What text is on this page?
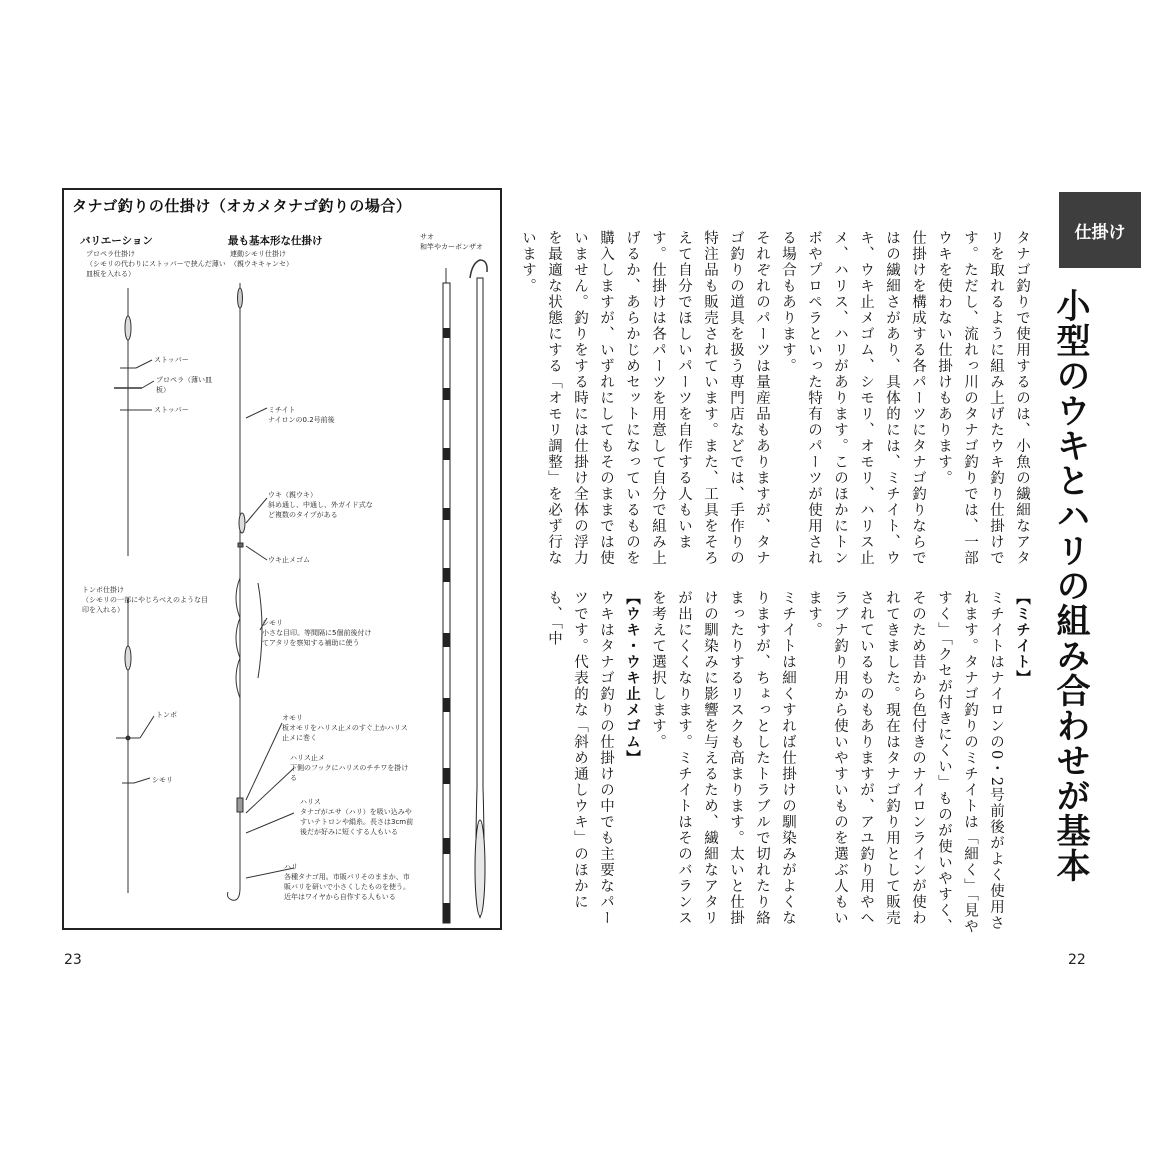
タナゴ釣りの仕掛け（オカメタナゴ釣りの場合）
バリエーション
プロペラ仕掛け
（シモリの代わりにストッパーで挟んだ薄い皿板を入れる）
ストッパー
プロペラ（薄い皿板）
ストッパー
トンボ仕掛け
（シモリの一部にやじろべえのような目印を入れる）
トンボ
シモリ
最も基本形な仕掛け
連動シモリ仕掛け
（親ウキキャンセ）
ミチイト
ナイロンの0.2号前後
ウキ（親ウキ）
斜め通し、中通し、外ガイド式など複数のタイプがある
ウキ止メゴム
シモリ
小さな目印。等間隔に5個前後付けてアタリを察知する補助に使う
オモリ
板オモリをハリス止メのすぐ上かハリス止メに巻く
ハリス止メ
下側のフックにハリスのチチワを掛ける
ハリス
タナゴがエサ（ハリ）を吸い込みやすいテトロンや絹糸。長さは3cm前後だが好みに短くする人もいる
ハリ
各種タナゴ用。市販バリそのままか、市販バリを研いで小さくしたものを使う。近年はワイヤから自作する人もいる
サオ
和竿やカーボンザオ
23
仕掛け
小型のウキとハリの組み合わせが基本

タナゴ釣りで使用するのは、小魚の繊細なアタリを取れるように組み上げたウキ釣り仕掛けです。ただし、流れっ川のタナゴ釣りでは、一部ウキを使わない仕掛けもあります。

仕掛けを構成する各パーツにタナゴ釣りならではの繊細さがあり、具体的には、ミチイト、ウキ、ウキ止メゴム、シモリ、オモリ、ハリス止メ、ハリス、ハリがあります。このほかにトンボやプロペラといった特有のパーツが使用される場合もあります。

それぞれのパーツは量産品もありますが、タナゴ釣りの道具を扱う専門店などでは、手作りの特注品も販売されています。また、工具をそろえて自分でほしいパーツを自作する人もいます。仕掛けは各パーツを用意して自分で組み上げるか、あらかじめセットになっているものを購入しますが、いずれにしてもそのままでは使いません。釣りをする時には仕掛け全体の浮力を最適な状態にする「オモリ調整」を必ず行ないます。

【ミチイト】

ミチイトはナイロンの0・2号前後がよく使用されます。タナゴ釣りのミチイトは「細く」「見やすく」「クセが付きにくい」ものが使いやすく、そのため昔から色付きのナイロンラインが使われてきました。現在はタナゴ釣り用として販売されているものもありますが、アユ釣り用やヘラブナ釣り用から使いやすいものを選ぶ人もいます。

ミチイトは細くすれば仕掛けの馴染みがよくなりますが、ちょっとしたトラブルで切れたり絡まったりするリスクも高まります。太いと仕掛けの馴染みに影響を与えるため、繊細なアタリが出にくくなります。ミチイトはそのバランスを考えて選択します。

【ウキ・ウキ止メゴム】

ウキはタナゴ釣りの仕掛けの中でも主要なパーツです。代表的な「斜め通しウキ」のほかにも、「中

22
